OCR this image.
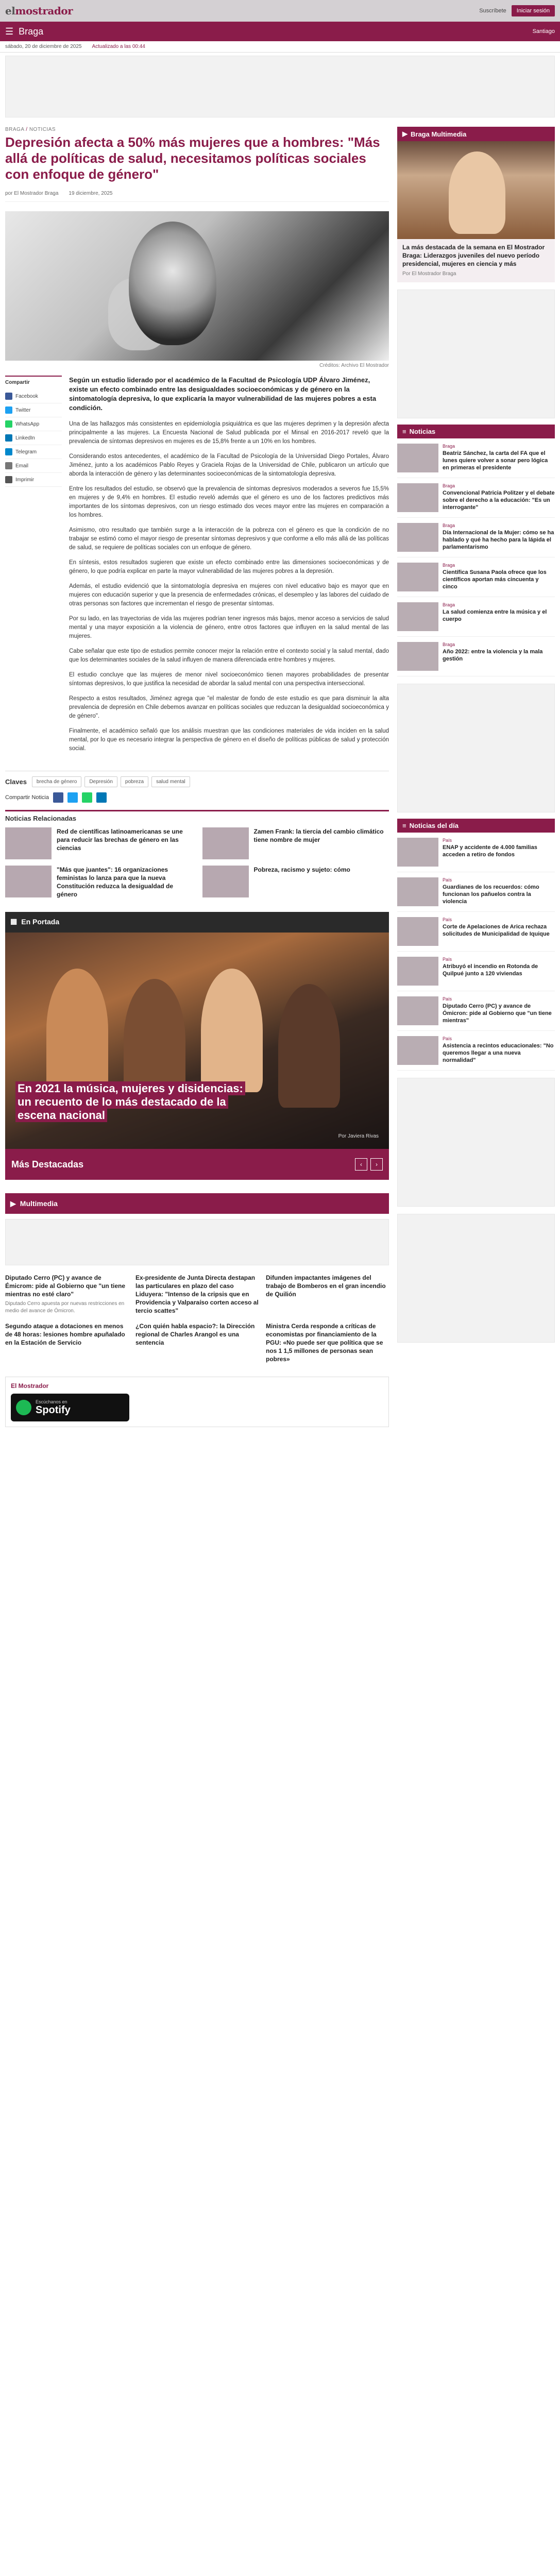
elmostrador	Suscríbete	Iniciar sesión
☰ Braga	Santiago
sábado, 20 de diciembre de 2025 Actualizado a las 00:44
BRAGA / NOTICIAS
Depresión afecta a 50% más mujeres que a hombres: "Más allá de políticas de salud, necesitamos políticas sociales con enfoque de género"
por El Mostrador Braga 19 diciembre, 2025
Créditos: Archivo El Mostrador
Compartir
Facebook
Twitter
WhatsApp
LinkedIn
Telegram
Email
Imprimir
Según un estudio liderado por el académico de la Facultad de Psicología UDP Álvaro Jiménez, existe un efecto combinado entre las desigualdades socioeconómicas y de género en la sintomatología depresiva, lo que explicaría la mayor vulnerabilidad de las mujeres pobres a esta condición.

Una de las hallazgos más consistentes en epidemiología psiquiátrica es que las mujeres deprimen y la depresión afecta principalmente a las mujeres. La Encuesta Nacional de Salud publicada por el Minsal en 2016-2017 reveló que la prevalencia de síntomas depresivos en mujeres es de 15,8% frente a un 10% en los hombres.

Considerando estos antecedentes, el académico de la Facultad de Psicología de la Universidad Diego Portales, Álvaro Jiménez, junto a los académicos Pablo Reyes y Graciela Rojas de la Universidad de Chile, publicaron un artículo que aborda la interacción de género y las determinantes socioeconómicas de la sintomatología depresiva.

Entre los resultados del estudio, se observó que la prevalencia de síntomas depresivos moderados a severos fue 15,5% en mujeres y de 9,4% en hombres. El estudio reveló además que el género es uno de los factores predictivos más importantes de los síntomas depresivos, con un riesgo estimado dos veces mayor entre las mujeres en comparación a los hombres.

Asimismo, otro resultado que también surge a la interacción de la pobreza con el género es que la condición de no trabajar se estimó como el mayor riesgo de presentar síntomas depresivos y que conforme a ello más allá de las políticas de salud, se requiere de políticas sociales con un enfoque de género.

En síntesis, estos resultados sugieren que existe un efecto combinado entre las dimensiones socioeconómicas y de género, lo que podría explicar en parte la mayor vulnerabilidad de las mujeres pobres a la depresión.

Además, el estudio evidenció que la sintomatología depresiva en mujeres con nivel educativo bajo es mayor que en mujeres con educación superior y que la presencia de enfermedades crónicas, el desempleo y las labores del cuidado de otras personas son factores que incrementan el riesgo de presentar síntomas.

Por su lado, en las trayectorias de vida las mujeres podrían tener ingresos más bajos, menor acceso a servicios de salud mental y una mayor exposición a la violencia de género, entre otros factores que influyen en la salud mental de las mujeres.

Cabe señalar que este tipo de estudios permite conocer mejor la relación entre el contexto social y la salud mental, dado que los determinantes sociales de la salud influyen de manera diferenciada entre hombres y mujeres.

El estudio concluye que las mujeres de menor nivel socioeconómico tienen mayores probabilidades de presentar síntomas depresivos, lo que justifica la necesidad de abordar la salud mental con una perspectiva interseccional.

Respecto a estos resultados, Jiménez agrega que "el malestar de fondo de este estudio es que para disminuir la alta prevalencia de depresión en Chile debemos avanzar en políticas sociales que reduzcan la desigualdad socioeconómica y de género".

Finalmente, el académico señaló que los análisis muestran que las condiciones materiales de vida inciden en la salud mental, por lo que es necesario integrar la perspectiva de género en el diseño de políticas públicas de salud y protección social.

Claves	brecha de género	Depresión	pobreza	salud mental
Compartir Noticia
Noticias Relacionadas
Red de científicas latinoamericanas se une para reducir las brechas de género en las ciencias
Zamen Frank: la tiercia del cambio climático tiene nombre de mujer
"Más que juantes": 16 organizaciones feministas lo lanza para que la nueva Constitución reduzca la desigualdad de género
Pobreza, racismo y sujeto: cómo
▦ En Portada
En 2021 la música, mujeres y disidencias: un recuento de lo más destacado de la escena nacional
Por Javiera Rivas
Más Destacadas	‹	›
▶ Multimedia
Diputado Cerro (PC) y avance de Émicrom: pide al Gobierno que "un tiene mientras no esté claro"
Diputado Cerro apuesta por nuevas restricciones en medio del avance de Ómicron.
Ex-presidente de Junta Directa destapan las particulares en plazo del caso Liduyera: "Intenso de la cripsis que en Providencia y Valparaíso corten acceso al tercio scattes"
Difunden impactantes imágenes del trabajo de Bomberos en el gran incendio de Quilión
Segundo ataque a dotaciones en menos de 48 horas: lesiones hombre apuñalado en la Estación de Servicio
¿Con quién habla espacio?: la Dirección regional de Charles Arangol es una sentencia
Ministra Cerda responde a críticas de economistas por financiamiento de la PGU: «No puede ser que política que se nos 1 1,5 millones de personas sean pobres»
El Mostrador
Escúchanos en
Spotify
▶ Braga Multimedia
La más destacada de la semana en El Mostrador Braga: Liderazgos juveniles del nuevo período presidencial, mujeres en ciencia y más
Por El Mostrador Braga
≡ Noticias
Braga
Beatriz Sánchez, la carta del FA que el lunes quiere volver a sonar pero lógica en primeras el presidente
Braga
Convencional Patricia Politzer y el debate sobre el derecho a la educación: "Es un interrogante"
Braga
Día Internacional de la Mujer: cómo se ha hablado y qué ha hecho para la lápida el parlamentarismo
Braga
Científica Susana Paola ofrece que los científicos aportan más cincuenta y cinco
Braga
La salud comienza entre la música y el cuerpo
Braga
Año 2022: entre la violencia y la mala gestión
≡ Noticias del día
País
ENAP y accidente de 4.000 familias acceden a retiro de fondos
País
Guardianes de los recuerdos: cómo funcionan los pañuelos contra la violencia
País
Corte de Apelaciones de Arica rechaza solicitudes de Municipalidad de Iquique
País
Atribuyó el incendio en Rotonda de Quilpué junto a 120 viviendas
País
Diputado Cerro (PC) y avance de Ómicron: pide al Gobierno que "un tiene mientras"
País
Asistencia a recintos educacionales: "No queremos llegar a una nueva normalidad"
